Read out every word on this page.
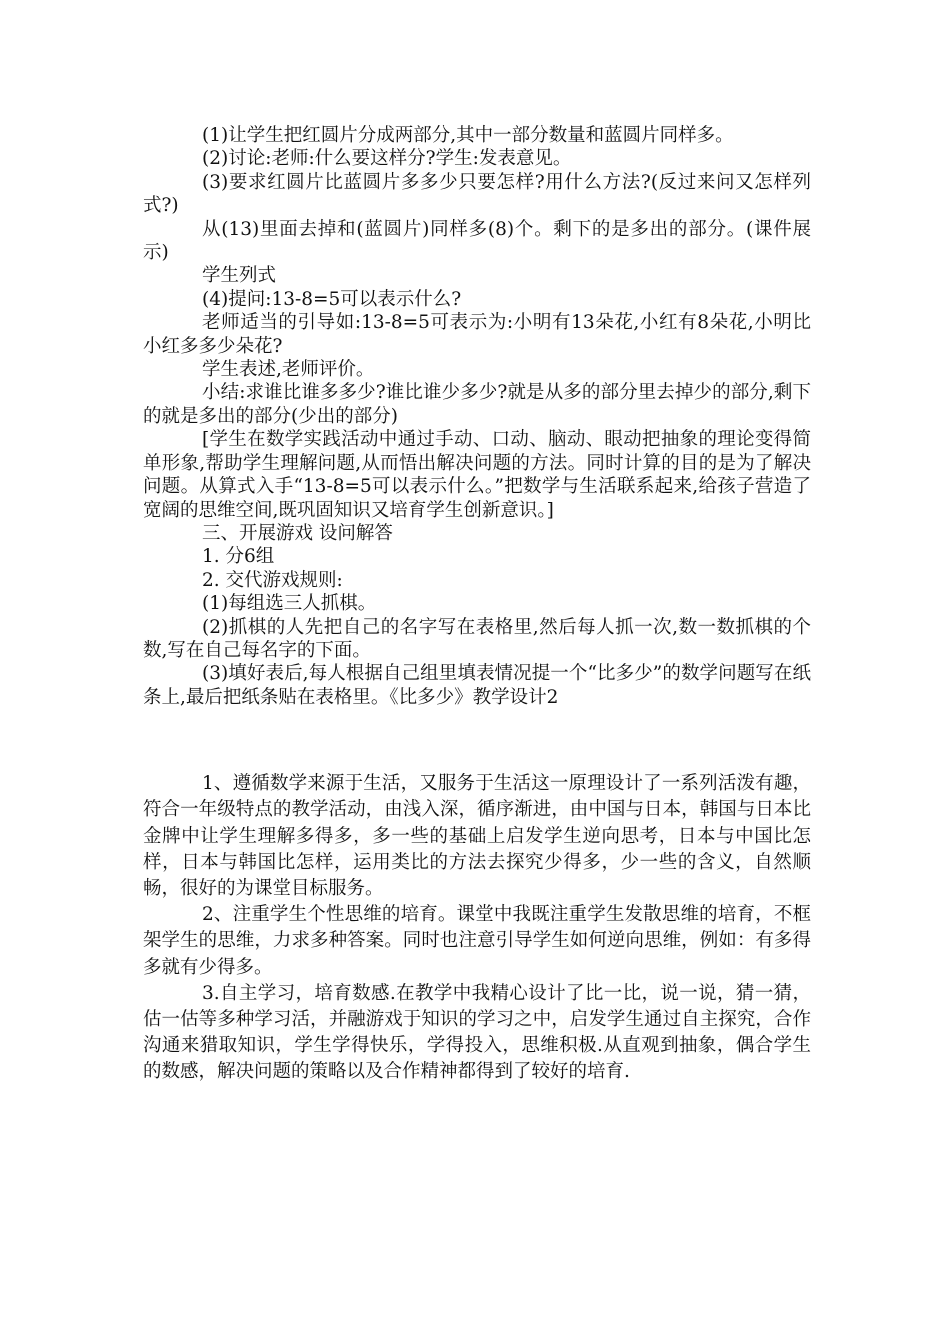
(1)让学生把红圆片分成两部分,其中一部分数量和蓝圆片同样多。

(2)讨论:老师:什么要这样分?学生:发表意见。

(3)要求红圆片比蓝圆片多多少只要怎样?用什么方法?(反过来问又怎样列式?)

从(13)里面去掉和(蓝圆片)同样多(8)个。剩下的是多出的部分。(课件展示)

学生列式

(4)提问:13-8=5可以表示什么?

老师适当的引导如:13-8=5可表示为:小明有13朵花,小红有8朵花,小明比小红多多少朵花?

学生表述,老师评价。

小结:求谁比谁多多少?谁比谁少多少?就是从多的部分里去掉少的部分,剩下的就是多出的部分(少出的部分)

[学生在数学实践活动中通过手动、口动、脑动、眼动把抽象的理论变得简单形象,帮助学生理解问题,从而悟出解决问题的方法。同时计算的目的是为了解决问题。从算式入手“13-8=5可以表示什么。”把数学与生活联系起来,给孩子营造了宽阔的思维空间,既巩固知识又培育学生创新意识。]

三、开展游戏 设问解答

1. 分6组

2. 交代游戏规则:

(1)每组选三人抓棋。

(2)抓棋的人先把自己的名字写在表格里,然后每人抓一次,数一数抓棋的个数,写在自己每名字的下面。

(3)填好表后,每人根据自己组里填表情况提一个“比多少”的数学问题写在纸条上,最后把纸条贴在表格里。《比多少》教学设计2

1、遵循数学来源于生活，又服务于生活这一原理设计了一系列活泼有趣，符合一年级特点的教学活动，由浅入深，循序渐进，由中国与日本，韩国与日本比金牌中让学生理解多得多，多一些的基础上启发学生逆向思考，日本与中国比怎样，日本与韩国比怎样，运用类比的方法去探究少得多，少一些的含义，自然顺畅，很好的为课堂目标服务。

2、注重学生个性思维的培育。课堂中我既注重学生发散思维的培育，不框架学生的思维，力求多种答案。同时也注意引导学生如何逆向思维，例如：有多得多就有少得多。

3.自主学习，培育数感.在教学中我精心设计了比一比，说一说，猜一猜，估一估等多种学习活，并融游戏于知识的学习之中，启发学生通过自主探究，合作沟通来猎取知识，学生学得快乐，学得投入，思维积极.从直观到抽象，偶合学生的数感，解决问题的策略以及合作精神都得到了较好的培育.
